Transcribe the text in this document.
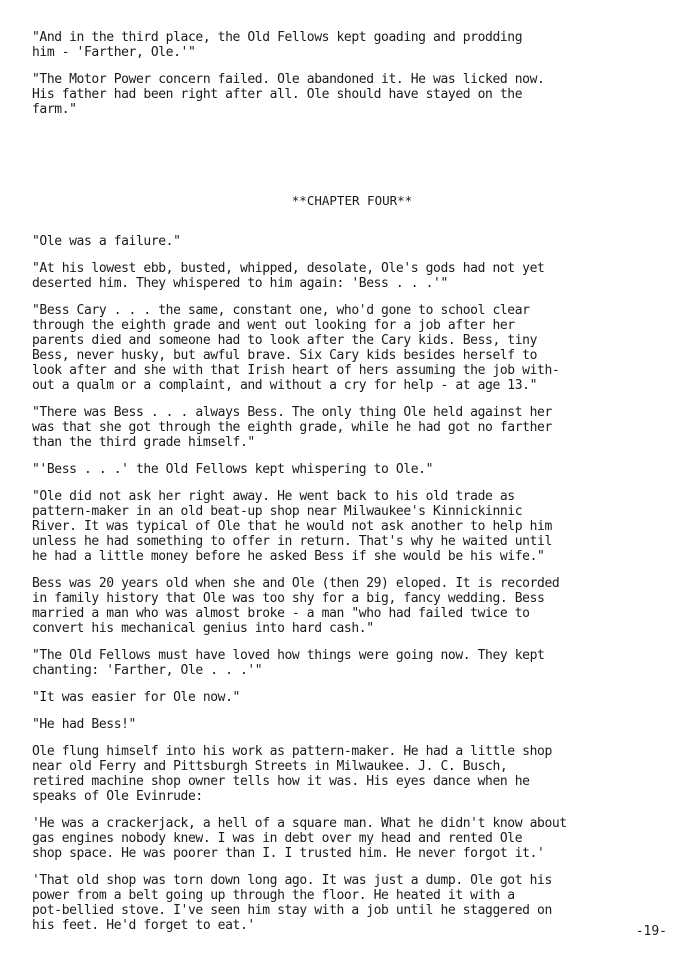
"And in the third place, the Old Fellows kept goading and prodding
him - 'Farther, Ole.'"

"The Motor Power concern failed. Ole abandoned it. He was licked now.
His father had been right after all. Ole should have stayed on the
farm."

**CHAPTER FOUR**

"Ole was a failure."

"At his lowest ebb, busted, whipped, desolate, Ole's gods had not yet
deserted him. They whispered to him again: 'Bess . . .'"

"Bess Cary . . . the same, constant one, who'd gone to school clear
through the eighth grade and went out looking for a job after her
parents died and someone had to look after the Cary kids. Bess, tiny
Bess, never husky, but awful brave. Six Cary kids besides herself to
look after and she with that Irish heart of hers assuming the job with-
out a qualm or a complaint, and without a cry for help - at age 13."

"There was Bess . . . always Bess. The only thing Ole held against her
was that she got through the eighth grade, while he had got no farther
than the third grade himself."

"'Bess . . .' the Old Fellows kept whispering to Ole."

"Ole did not ask her right away. He went back to his old trade as
pattern-maker in an old beat-up shop near Milwaukee's Kinnickinnic
River. It was typical of Ole that he would not ask another to help him
unless he had something to offer in return. That's why he waited until
he had a little money before he asked Bess if she would be his wife."

Bess was 20 years old when she and Ole (then 29) eloped. It is recorded
in family history that Ole was too shy for a big, fancy wedding. Bess
married a man who was almost broke - a man "who had failed twice to
convert his mechanical genius into hard cash."

"The Old Fellows must have loved how things were going now. They kept
chanting: 'Farther, Ole . . .'"

"It was easier for Ole now."

"He had Bess!"

Ole flung himself into his work as pattern-maker. He had a little shop
near old Ferry and Pittsburgh Streets in Milwaukee. J. C. Busch,
retired machine shop owner tells how it was. His eyes dance when he
speaks of Ole Evinrude:

'He was a crackerjack, a hell of a square man. What he didn't know about
gas engines nobody knew. I was in debt over my head and rented Ole
shop space. He was poorer than I. I trusted him. He never forgot it.'

'That old shop was torn down long ago. It was just a dump. Ole got his
power from a belt going up through the floor. He heated it with a
pot-bellied stove. I've seen him stay with a job until he staggered on
his feet. He'd forget to eat.'	-19-
